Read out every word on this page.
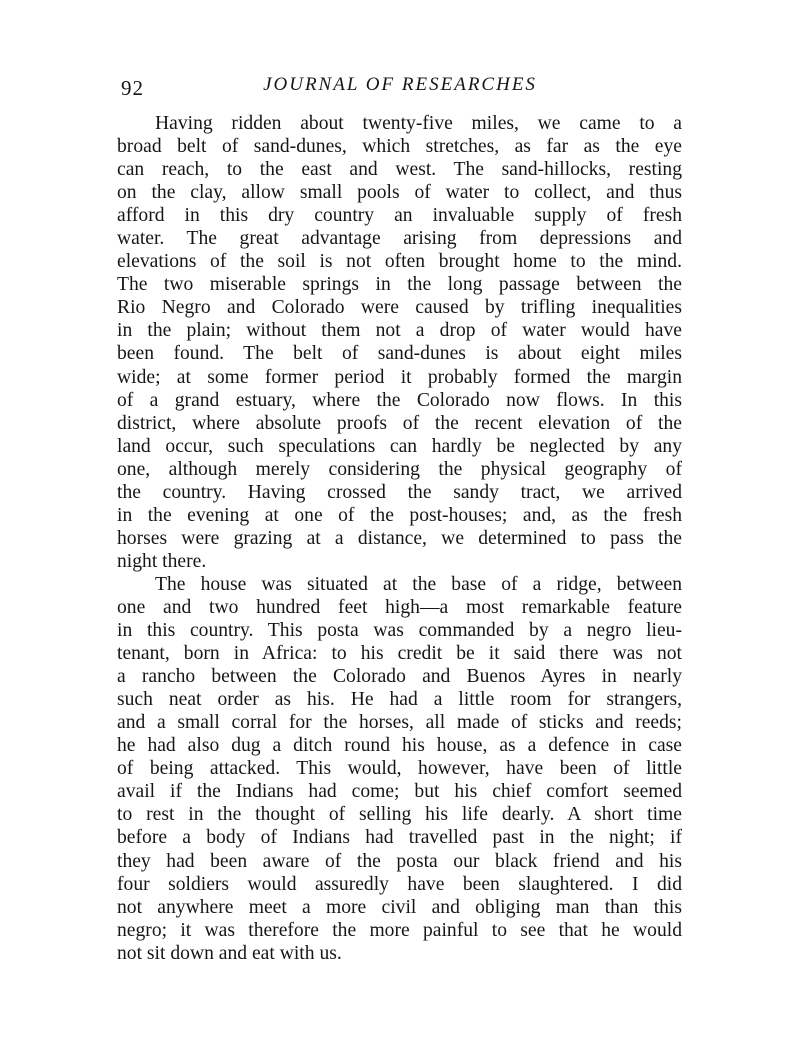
92	JOURNAL OF RESEARCHES
Having ridden about twenty-five miles, we came to a
broad belt of sand-dunes, which stretches, as far as the eye
can reach, to the east and west. The sand-hillocks, resting
on the clay, allow small pools of water to collect, and thus
afford in this dry country an invaluable supply of fresh
water. The great advantage arising from depressions and
elevations of the soil is not often brought home to the mind.
The two miserable springs in the long passage between the
Rio Negro and Colorado were caused by trifling inequalities
in the plain; without them not a drop of water would have
been found. The belt of sand-dunes is about eight miles
wide; at some former period it probably formed the margin
of a grand estuary, where the Colorado now flows. In this
district, where absolute proofs of the recent elevation of the
land occur, such speculations can hardly be neglected by any
one, although merely considering the physical geography of
the country. Having crossed the sandy tract, we arrived
in the evening at one of the post-houses; and, as the fresh
horses were grazing at a distance, we determined to pass the
night there.
The house was situated at the base of a ridge, between
one and two hundred feet high—a most remarkable feature
in this country. This posta was commanded by a negro lieu-
tenant, born in Africa: to his credit be it said there was not
a rancho between the Colorado and Buenos Ayres in nearly
such neat order as his. He had a little room for strangers,
and a small corral for the horses, all made of sticks and reeds;
he had also dug a ditch round his house, as a defence in case
of being attacked. This would, however, have been of little
avail if the Indians had come; but his chief comfort seemed
to rest in the thought of selling his life dearly. A short time
before a body of Indians had travelled past in the night; if
they had been aware of the posta our black friend and his
four soldiers would assuredly have been slaughtered. I did
not anywhere meet a more civil and obliging man than this
negro; it was therefore the more painful to see that he would
not sit down and eat with us.
